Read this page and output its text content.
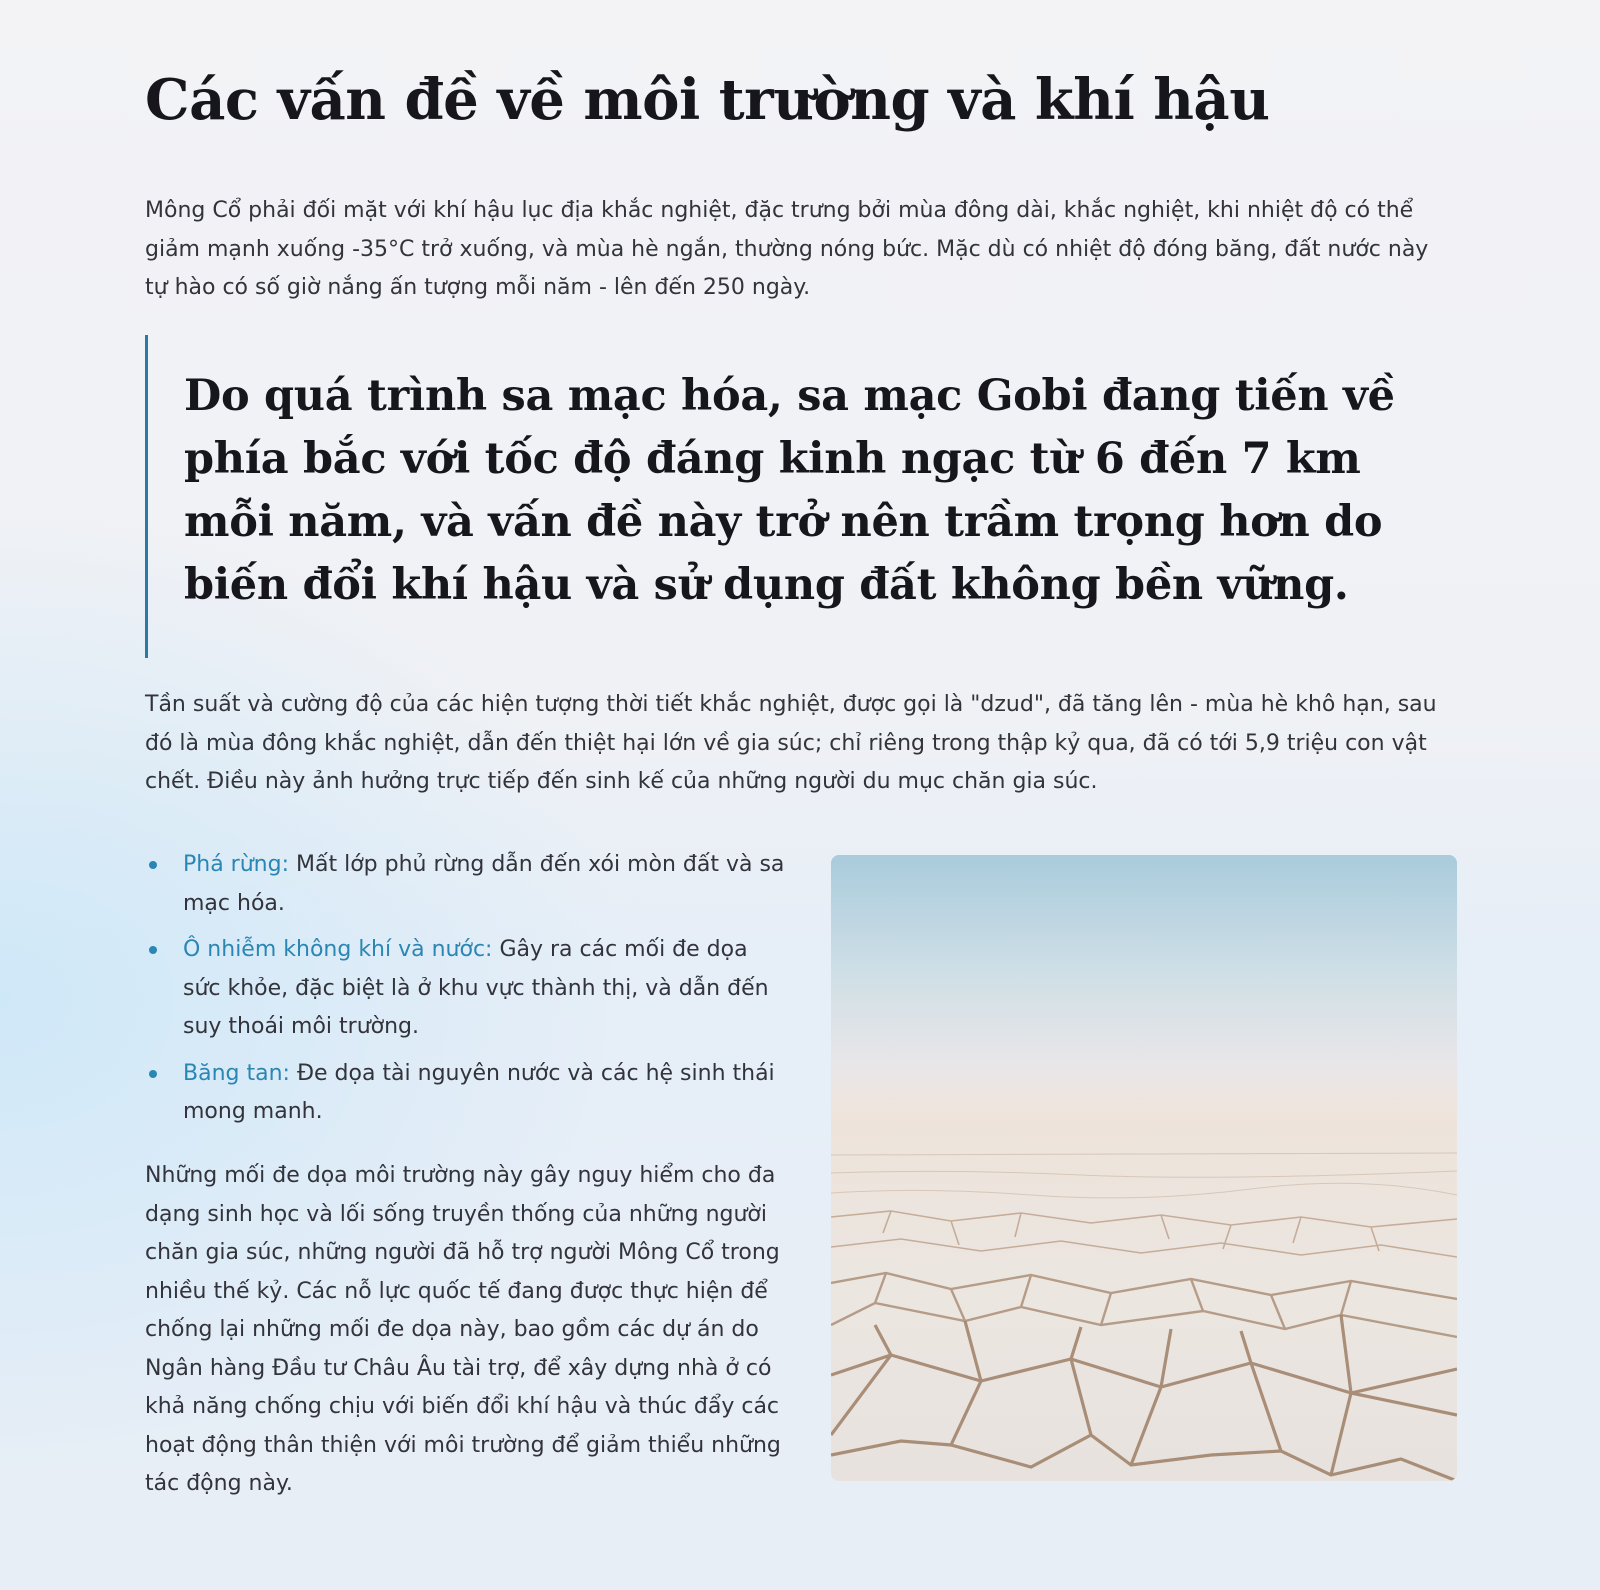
Các vấn đề về môi trường và khí hậu

Mông Cổ phải đối mặt với khí hậu lục địa khắc nghiệt, đặc trưng bởi mùa đông dài, khắc nghiệt, khi nhiệt độ có thể giảm mạnh xuống -35°C trở xuống, và mùa hè ngắn, thường nóng bức. Mặc dù có nhiệt độ đóng băng, đất nước này tự hào có số giờ nắng ấn tượng mỗi năm - lên đến 250 ngày.

Do quá trình sa mạc hóa, sa mạc Gobi đang tiến về phía bắc với tốc độ đáng kinh ngạc từ 6 đến 7 km mỗi năm, và vấn đề này trở nên trầm trọng hơn do biến đổi khí hậu và sử dụng đất không bền vững.

Tần suất và cường độ của các hiện tượng thời tiết khắc nghiệt, được gọi là "dzud", đã tăng lên - mùa hè khô hạn, sau đó là mùa đông khắc nghiệt, dẫn đến thiệt hại lớn về gia súc; chỉ riêng trong thập kỷ qua, đã có tới 5,9 triệu con vật chết. Điều này ảnh hưởng trực tiếp đến sinh kế của những người du mục chăn gia súc.

Phá rừng: Mất lớp phủ rừng dẫn đến xói mòn đất và sa mạc hóa.
Ô nhiễm không khí và nước: Gây ra các mối đe dọa sức khỏe, đặc biệt là ở khu vực thành thị, và dẫn đến suy thoái môi trường.
Băng tan: Đe dọa tài nguyên nước và các hệ sinh thái mong manh.

Những mối đe dọa môi trường này gây nguy hiểm cho đa dạng sinh học và lối sống truyền thống của những người chăn gia súc, những người đã hỗ trợ người Mông Cổ trong nhiều thế kỷ. Các nỗ lực quốc tế đang được thực hiện để chống lại những mối đe dọa này, bao gồm các dự án do Ngân hàng Đầu tư Châu Âu tài trợ, để xây dựng nhà ở có khả năng chống chịu với biến đổi khí hậu và thúc đẩy các hoạt động thân thiện với môi trường để giảm thiểu những tác động này.
